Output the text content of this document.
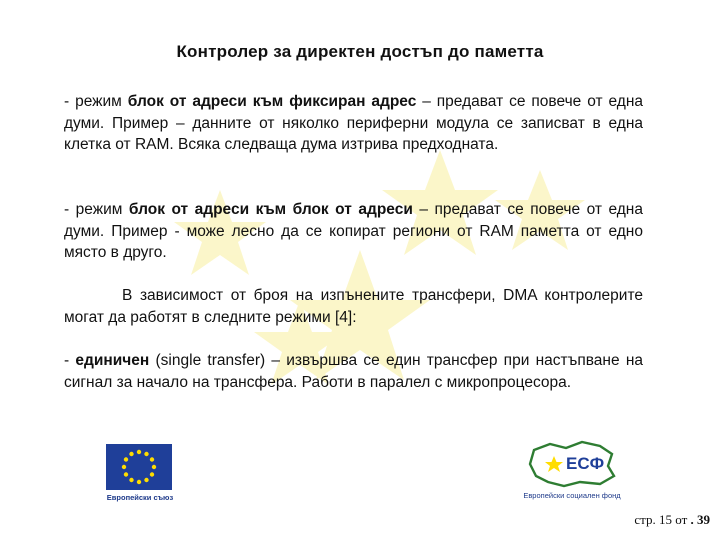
Контролер за директен достъп до паметта
- режим блок от адреси към фиксиран адрес – предават се повече от една думи. Пример – данните от няколко периферни модула се записват в една клетка от RAM. Всяка следваща дума изтрива предходната.
- режим блок от адреси към блок от адреси – предават се повече от една думи. Пример - може лесно да се копират региони от RAM паметта от едно място в друго.
В зависимост от броя на изпънените трансфери, DMA контролерите могат да работят в следните режими [4]:
- единичен (single transfer) – извършва се един трансфер при настъпване на сигнал за начало на трансфера. Работи в паралел с микропроцесора.
Европейски съюз
ЕСФ
Европейски социален фонд
стр. 15 от . 39
